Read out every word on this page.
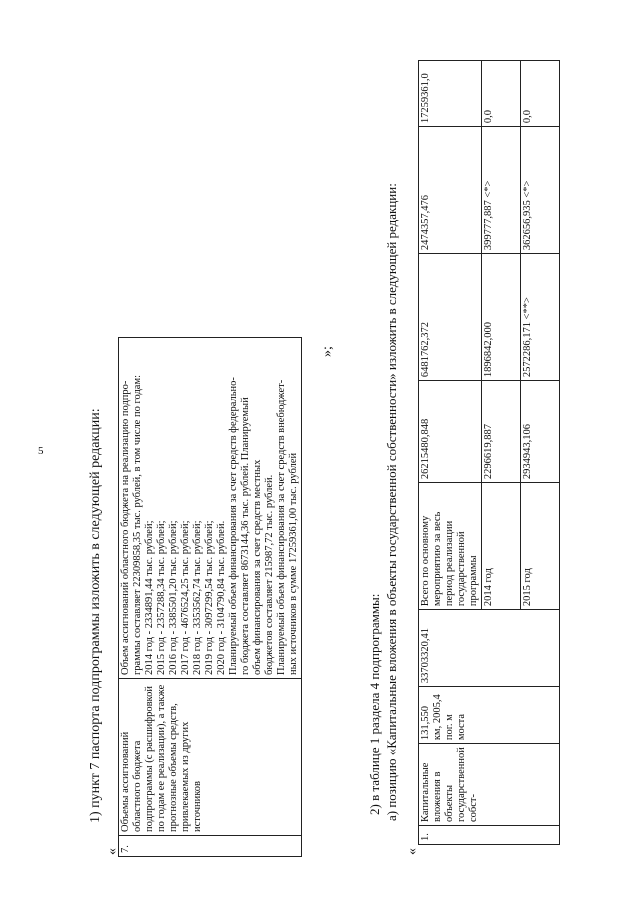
5	1) пункт 7 паспорта подпрограммы изложить в следующей редакции:
« 7.	Объемы ассигнований областного бюджета подпрограммы (с расшифровкой по годам ее реализации), а также прогнозные объемы средств, привлекаемых из других источников	
Объем ассигнований областного бюджета на реализацию подпро- граммы составляет 22309858,35 тыс. рублей, в том числе по годам: 2014 год - 2334891,44 тыс. рублей; 2015 год - 2357288,34 тыс. рублей; 2016 год - 3385501,20 тыс. рублей; 2017 год - 4676524,25 тыс. рублей; 2018 год - 3353562,74 тыс. рублей; 2019 год - 3097299,54 тыс. рублей; 2020 год - 3104790,84 тыс. рублей. Планируемый объем финансирования за счет средств федерально- го бюджета составляет 8673144,36 тыс. рублей. Планируемый объем финансирования за счет средств местных бюджетов составляет 215987,72 тыс. рублей. Планируемый объем финансирования за счет средств внебюджет- ных источников в сумме 17259361,00 тыс. рублей
»;
2) в таблице 1 раздела 4 подпрограммы: а) позицию «Капитальные вложения в объекты государственной собственности» изложить в следующей редакции:
«
1.	Капитальные вложения в объекты государственной собст-	131,550 км, 2005,4 пог. м моста	33703320,41	Всего по основному мероприятию за весь период реализации государственной программы	26215480,848	6481762,372	2474357,476	17259361,0
				2014 год	2296619,887	1896842,000	399777,887 <*>	0,0
				2015 год	2934943,106	2572286,171 <**>	362656,935 <*>	0,0
